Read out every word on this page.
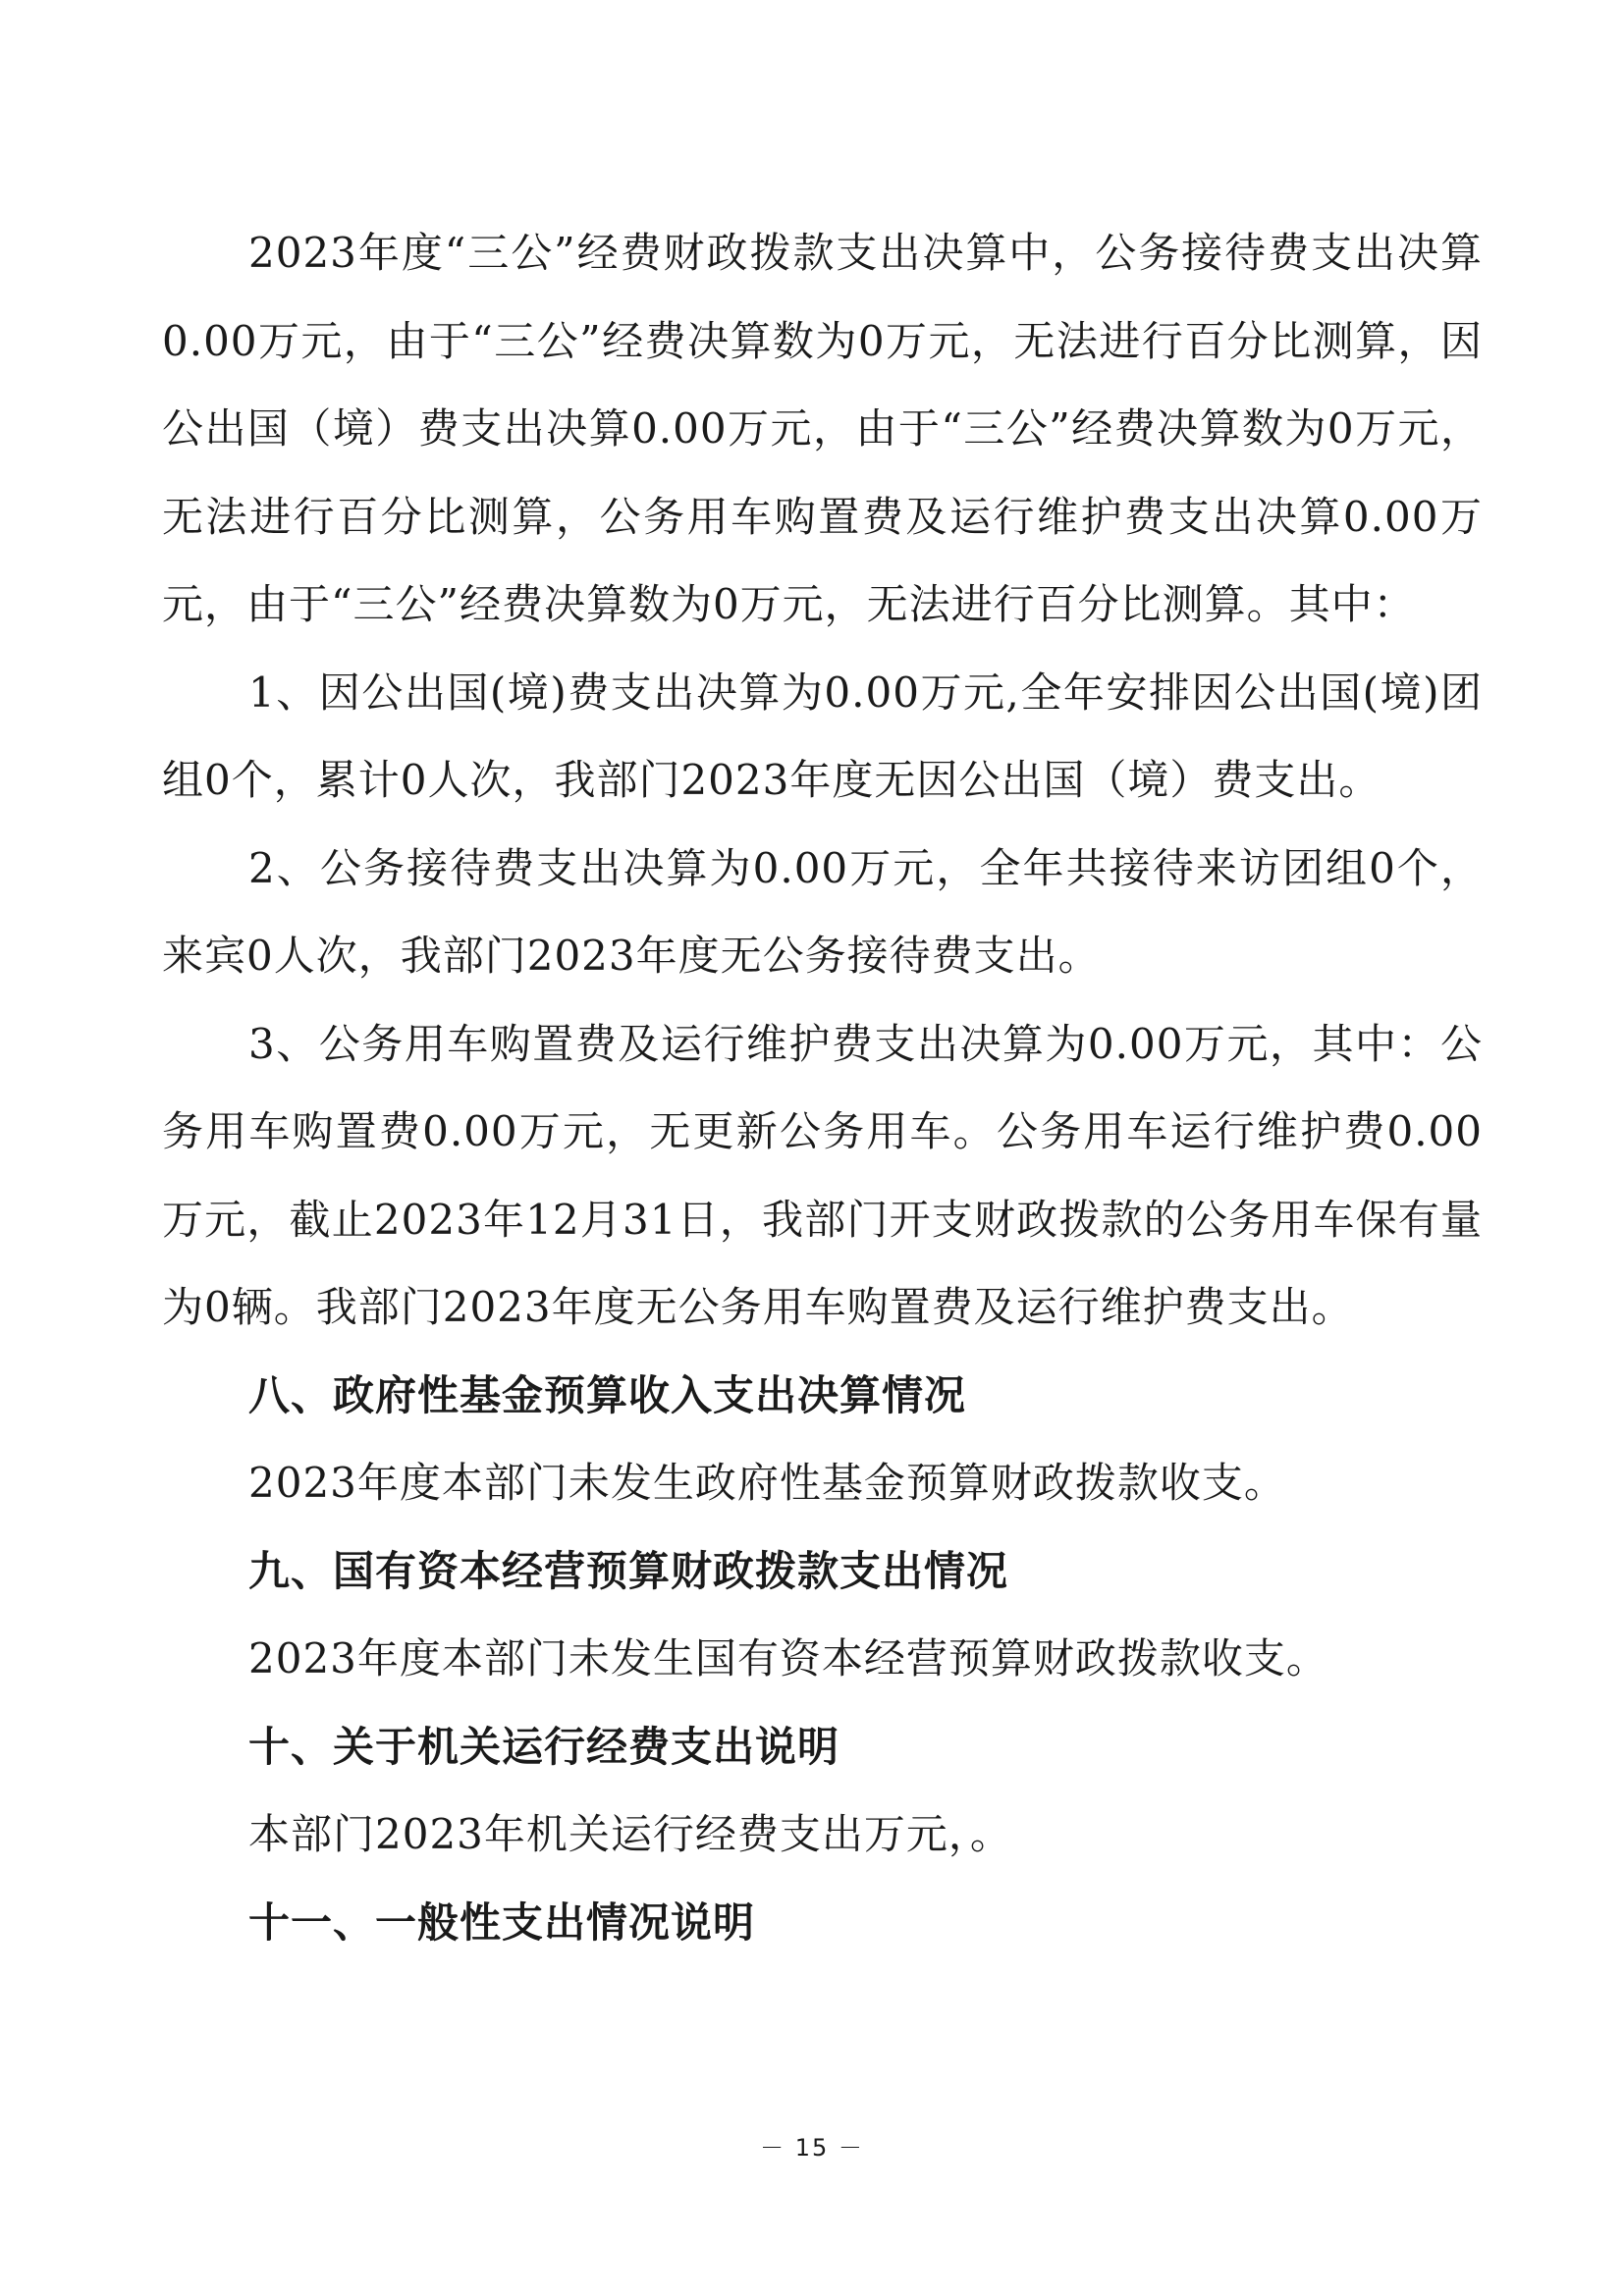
2023年度“三公”经费财政拨款支出决算中，公务接待费支出决算0.00万元，由于“三公”经费决算数为0万元，无法进行百分比测算，因公出国（境）费支出决算0.00万元，由于“三公”经费决算数为0万元，无法进行百分比测算，公务用车购置费及运行维护费支出决算0.00万元，由于“三公”经费决算数为0万元，无法进行百分比测算。其中：

1、因公出国(境)费支出决算为0.00万元,全年安排因公出国(境)团组0个，累计0人次，我部门2023年度无因公出国（境）费支出。

2、公务接待费支出决算为0.00万元，全年共接待来访团组0个，来宾0人次，我部门2023年度无公务接待费支出。

3、公务用车购置费及运行维护费支出决算为0.00万元，其中：公务用车购置费0.00万元，无更新公务用车。公务用车运行维护费0.00万元，截止2023年12月31日，我部门开支财政拨款的公务用车保有量为0辆。我部门2023年度无公务用车购置费及运行维护费支出。

八、政府性基金预算收入支出决算情况

2023年度本部门未发生政府性基金预算财政拨款收支。

九、国有资本经营预算财政拨款支出情况

2023年度本部门未发生国有资本经营预算财政拨款收支。

十、关于机关运行经费支出说明

本部门2023年机关运行经费支出万元，。

十一、一般性支出情况说明

－ 15 －
